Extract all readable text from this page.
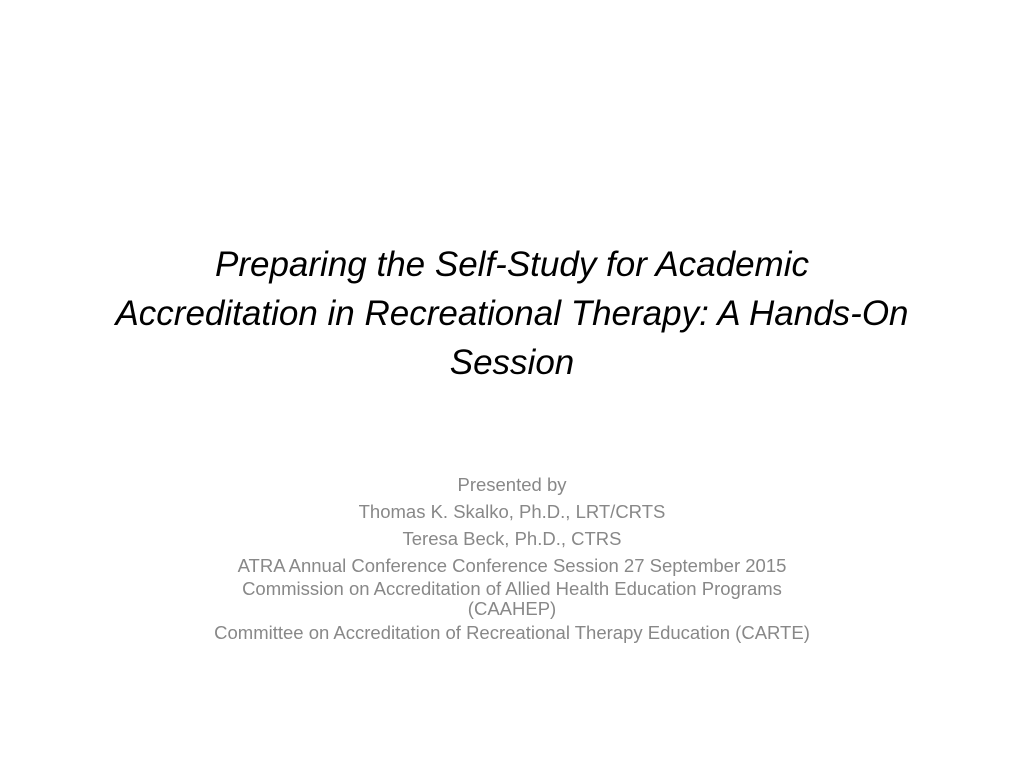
Preparing the Self-Study for Academic
Accreditation in Recreational Therapy: A Hands-On
Session
Presented by
Thomas K. Skalko, Ph.D., LRT/CRTS
Teresa Beck, Ph.D., CTRS
ATRA Annual Conference Conference Session 27 September 2015
Commission on Accreditation of Allied Health Education Programs
(CAAHEP)
Committee on Accreditation of Recreational Therapy Education (CARTE)
